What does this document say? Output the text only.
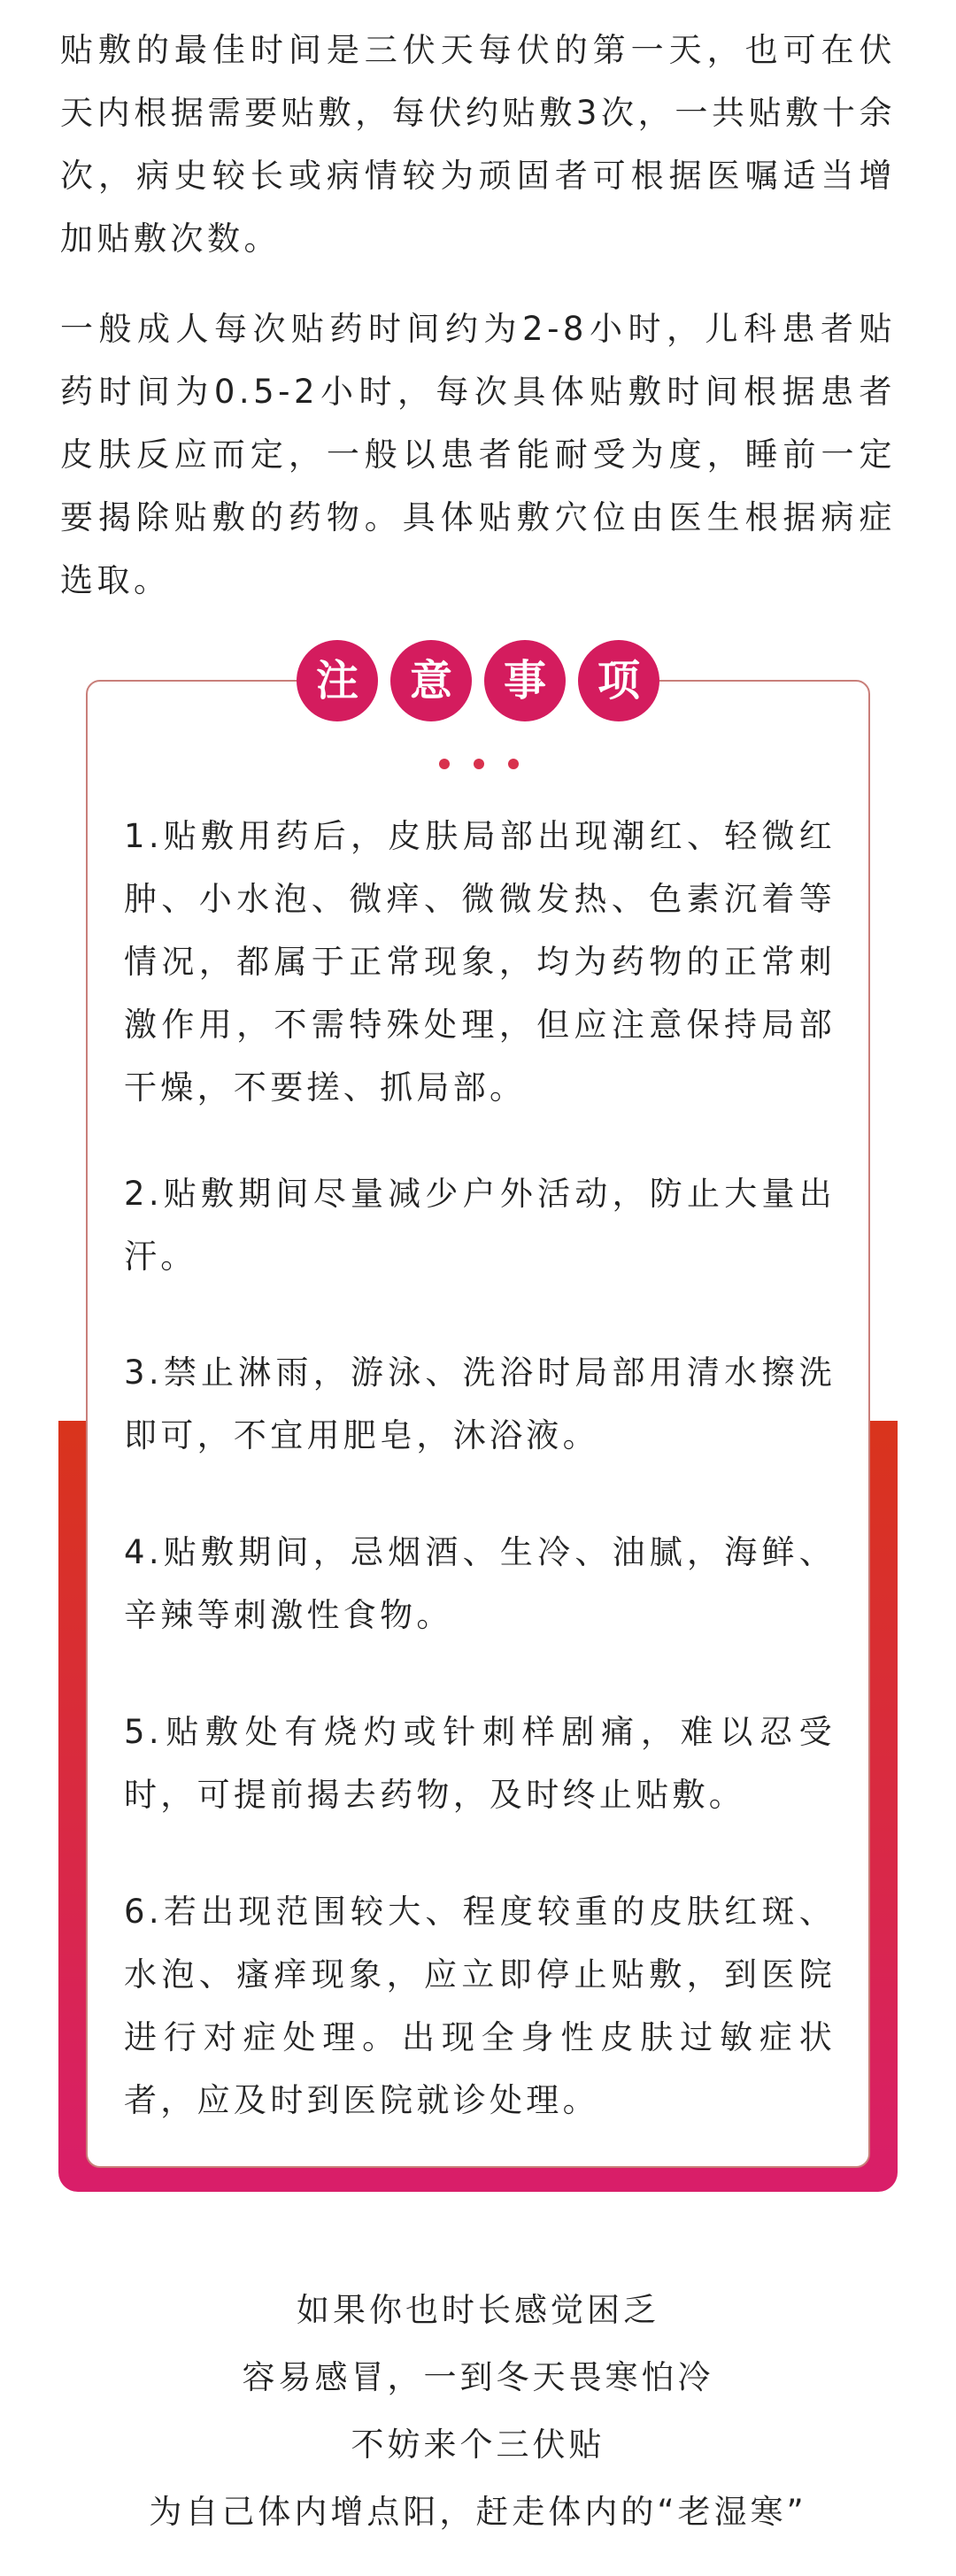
贴敷的最佳时间是三伏天每伏的第一天，也可在伏天内根据需要贴敷，每伏约贴敷3次，一共贴敷十余次，病史较长或病情较为顽固者可根据医嘱适当增加贴敷次数。

一般成人每次贴药时间约为2-8小时，儿科患者贴药时间为0.5-2小时，每次具体贴敷时间根据患者皮肤反应而定，一般以患者能耐受为度，睡前一定要揭除贴敷的药物。具体贴敷穴位由医生根据病症选取。

注	意	事	项

1.贴敷用药后，皮肤局部出现潮红、轻微红肿、小水泡、微痒、微微发热、色素沉着等情况，都属于正常现象，均为药物的正常刺激作用，不需特殊处理，但应注意保持局部干燥，不要搓、抓局部。

2.贴敷期间尽量减少户外活动，防止大量出汗。

3.禁止淋雨，游泳、洗浴时局部用清水擦洗即可，不宜用肥皂，沐浴液。

4.贴敷期间，忌烟酒、生冷、油腻，海鲜、辛辣等刺激性食物。

5.贴敷处有烧灼或针刺样剧痛，难以忍受时，可提前揭去药物，及时终止贴敷。

6.若出现范围较大、程度较重的皮肤红斑、水泡、瘙痒现象，应立即停止贴敷，到医院进行对症处理。出现全身性皮肤过敏症状者，应及时到医院就诊处理。

如果你也时长感觉困乏

容易感冒，一到冬天畏寒怕冷

不妨来个三伏贴

为自己体内增点阳，赶走体内的“老湿寒”
